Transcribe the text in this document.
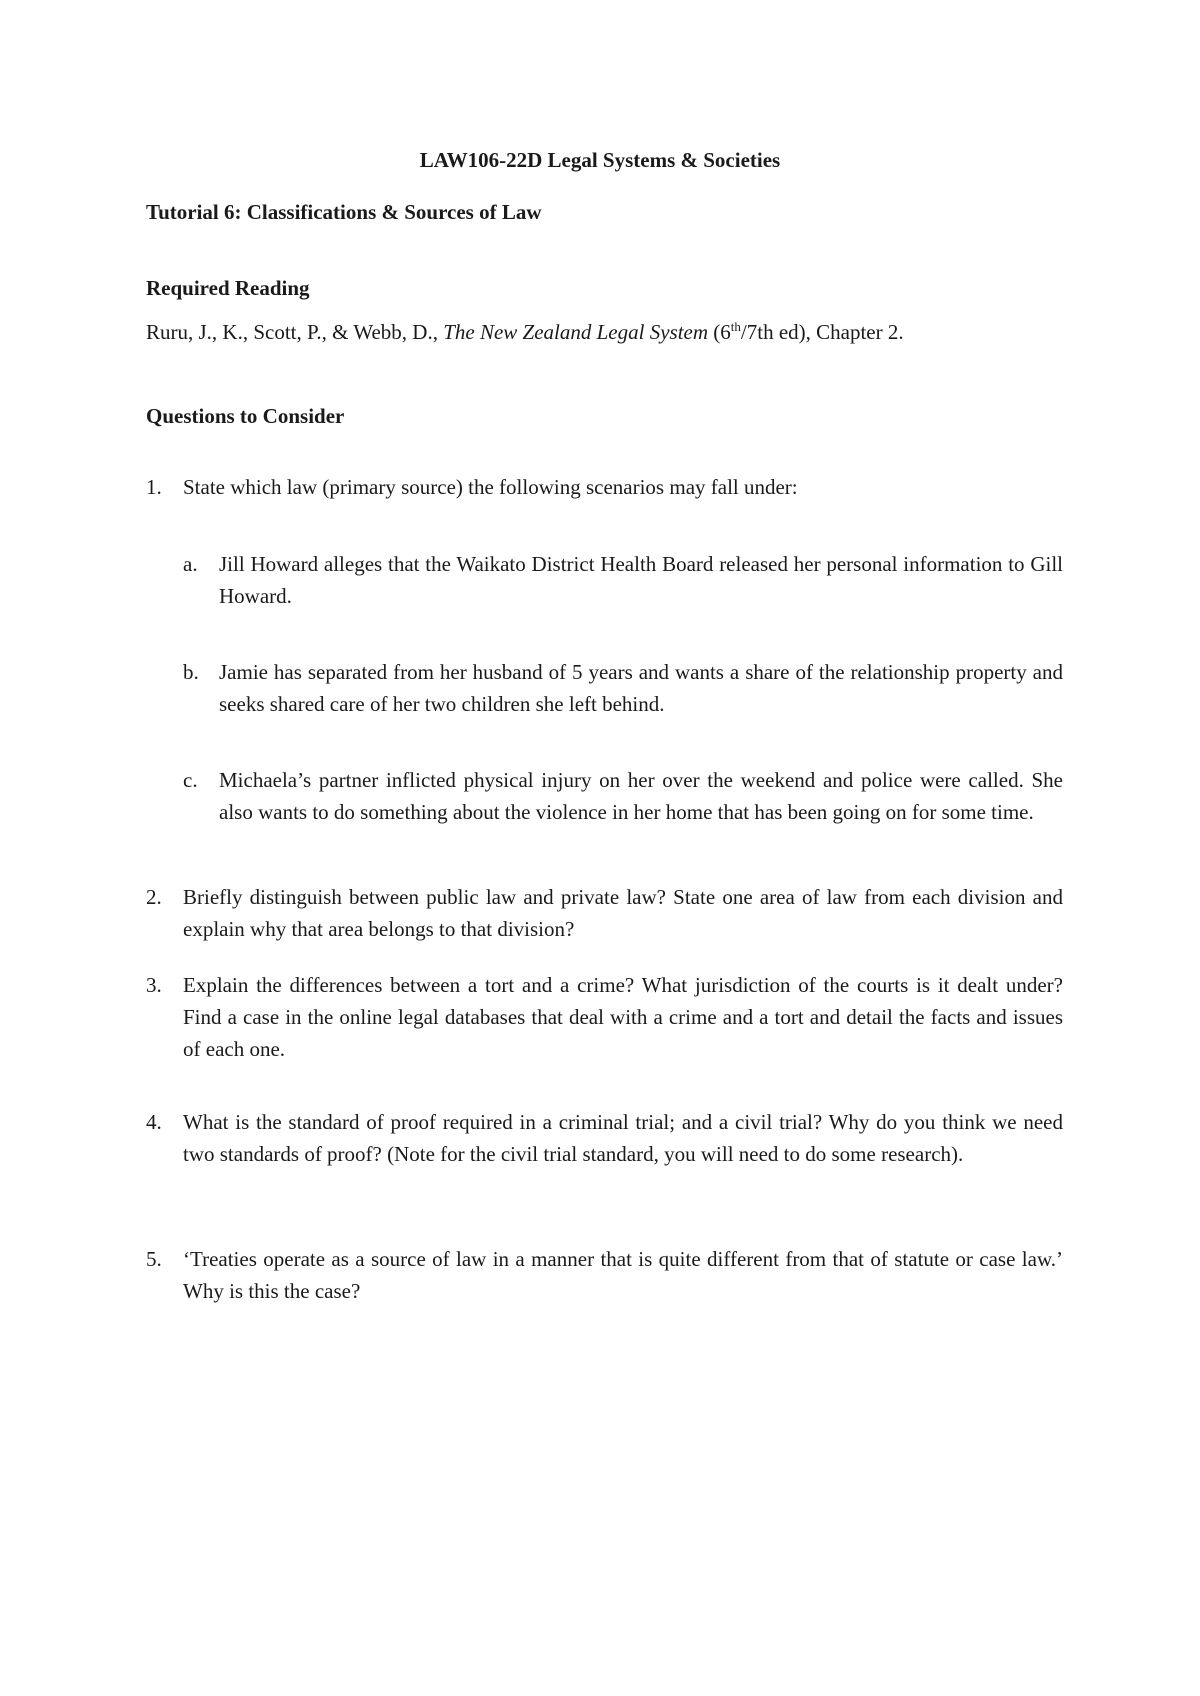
LAW106-22D Legal Systems & Societies
Tutorial 6: Classifications & Sources of Law
Required Reading
Ruru, J., K., Scott, P., & Webb, D., The New Zealand Legal System (6th/7th ed), Chapter 2.
Questions to Consider
1. State which law (primary source) the following scenarios may fall under:
a. Jill Howard alleges that the Waikato District Health Board released her personal information to Gill Howard.
b. Jamie has separated from her husband of 5 years and wants a share of the relationship property and seeks shared care of her two children she left behind.
c. Michaela’s partner inflicted physical injury on her over the weekend and police were called. She also wants to do something about the violence in her home that has been going on for some time.
2. Briefly distinguish between public law and private law? State one area of law from each division and explain why that area belongs to that division?
3. Explain the differences between a tort and a crime? What jurisdiction of the courts is it dealt under? Find a case in the online legal databases that deal with a crime and a tort and detail the facts and issues of each one.
4. What is the standard of proof required in a criminal trial; and a civil trial? Why do you think we need two standards of proof? (Note for the civil trial standard, you will need to do some research).
5. ‘Treaties operate as a source of law in a manner that is quite different from that of statute or case law.’ Why is this the case?
